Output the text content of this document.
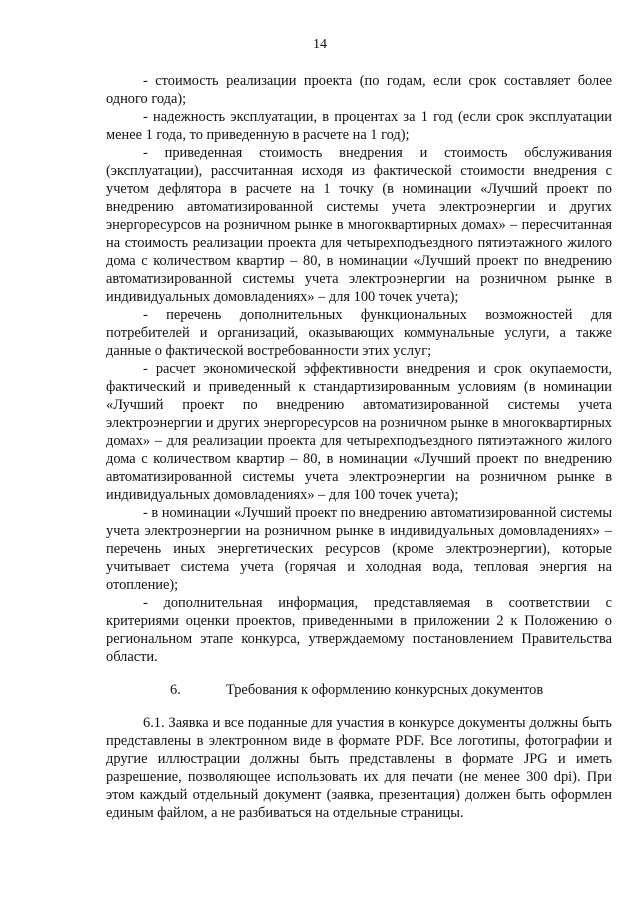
14

- стоимость реализации проекта (по годам, если срок составляет более одного года);

- надежность эксплуатации, в процентах за 1 год (если срок эксплуатации менее 1 года, то приведенную в расчете на 1 год);

- приведенная стоимость внедрения и стоимость обслуживания (эксплуатации), рассчитанная исходя из фактической стоимости внедрения с учетом дефлятора в расчете на 1 точку (в номинации «Лучший проект по внедрению автоматизированной системы учета электроэнергии и других энергоресурсов на розничном рынке в многоквартирных домах» – пересчитанная на стоимость реализации проекта для четырехподъездного пятиэтажного жилого дома с количеством квартир – 80, в номинации «Лучший проект по внедрению автоматизированной системы учета электроэнергии на розничном рынке в индивидуальных домовладениях» – для 100 точек учета);

- перечень дополнительных функциональных возможностей для потребителей и организаций, оказывающих коммунальные услуги, а также данные о фактической востребованности этих услуг;

- расчет экономической эффективности внедрения и срок окупаемости, фактический и приведенный к стандартизированным условиям (в номинации «Лучший проект по внедрению автоматизированной системы учета электроэнергии и других энергоресурсов на розничном рынке в многоквартирных домах» – для реализации проекта для четырехподъездного пятиэтажного жилого дома с количеством квартир – 80, в номинации «Лучший проект по внедрению автоматизированной системы учета электроэнергии на розничном рынке в индивидуальных домовладениях» – для 100 точек учета);

- в номинации «Лучший проект по внедрению автоматизированной системы учета электроэнергии на розничном рынке в индивидуальных домовладениях» – перечень иных энергетических ресурсов (кроме электроэнергии), которые учитывает система учета (горячая и холодная вода, тепловая энергия на отопление);

- дополнительная информация, представляемая в соответствии с критериями оценки проектов, приведенными в приложении 2 к Положению о региональном этапе конкурса, утверждаемому постановлением Правительства области.

6.	Требования к оформлению конкурсных документов

6.1. Заявка и все поданные для участия в конкурсе документы должны быть представлены в электронном виде в формате PDF. Все логотипы, фотографии и другие иллюстрации должны быть представлены в формате JPG и иметь разрешение, позволяющее использовать их для печати (не менее 300 dpi). При этом каждый отдельный документ (заявка, презентация) должен быть оформлен единым файлом, а не разбиваться на отдельные страницы.
